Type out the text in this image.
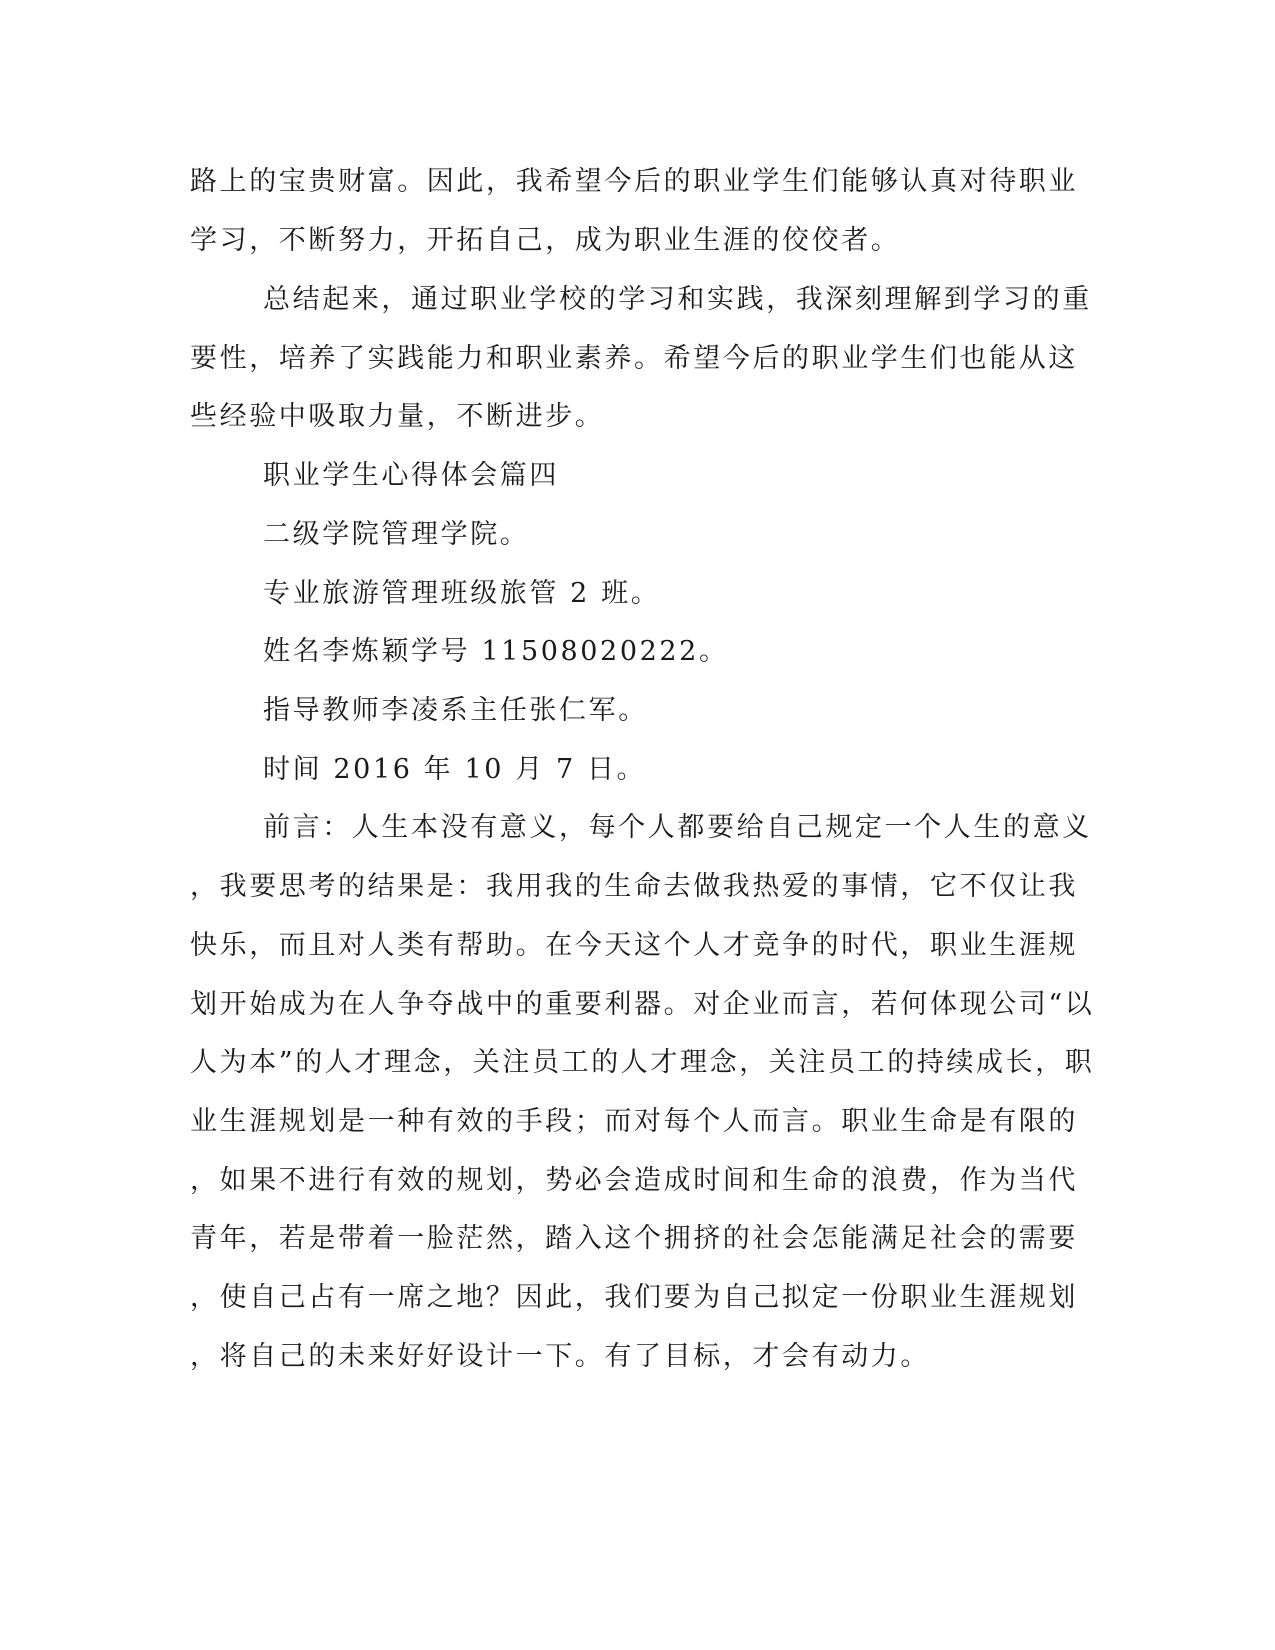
路上的宝贵财富。因此，我希望今后的职业学生们能够认真对待职业
学习，不断努力，开拓自己，成为职业生涯的佼佼者。
总结起来，通过职业学校的学习和实践，我深刻理解到学习的重
要性，培养了实践能力和职业素养。希望今后的职业学生们也能从这
些经验中吸取力量，不断进步。
职业学生心得体会篇四
二级学院管理学院。
专业旅游管理班级旅管 2 班。
姓名李炼颖学号 11508020222。
指导教师李凌系主任张仁军。
时间 2016 年 10 月 7 日。
前言：人生本没有意义，每个人都要给自己规定一个人生的意义
，我要思考的结果是：我用我的生命去做我热爱的事情，它不仅让我
快乐，而且对人类有帮助。在今天这个人才竞争的时代，职业生涯规
划开始成为在人争夺战中的重要利器。对企业而言，若何体现公司“以
人为本”的人才理念，关注员工的人才理念，关注员工的持续成长，职
业生涯规划是一种有效的手段；而对每个人而言。职业生命是有限的
，如果不进行有效的规划，势必会造成时间和生命的浪费，作为当代
青年，若是带着一脸茫然，踏入这个拥挤的社会怎能满足社会的需要
，使自己占有一席之地？因此，我们要为自己拟定一份职业生涯规划
，将自己的未来好好设计一下。有了目标，才会有动力。
